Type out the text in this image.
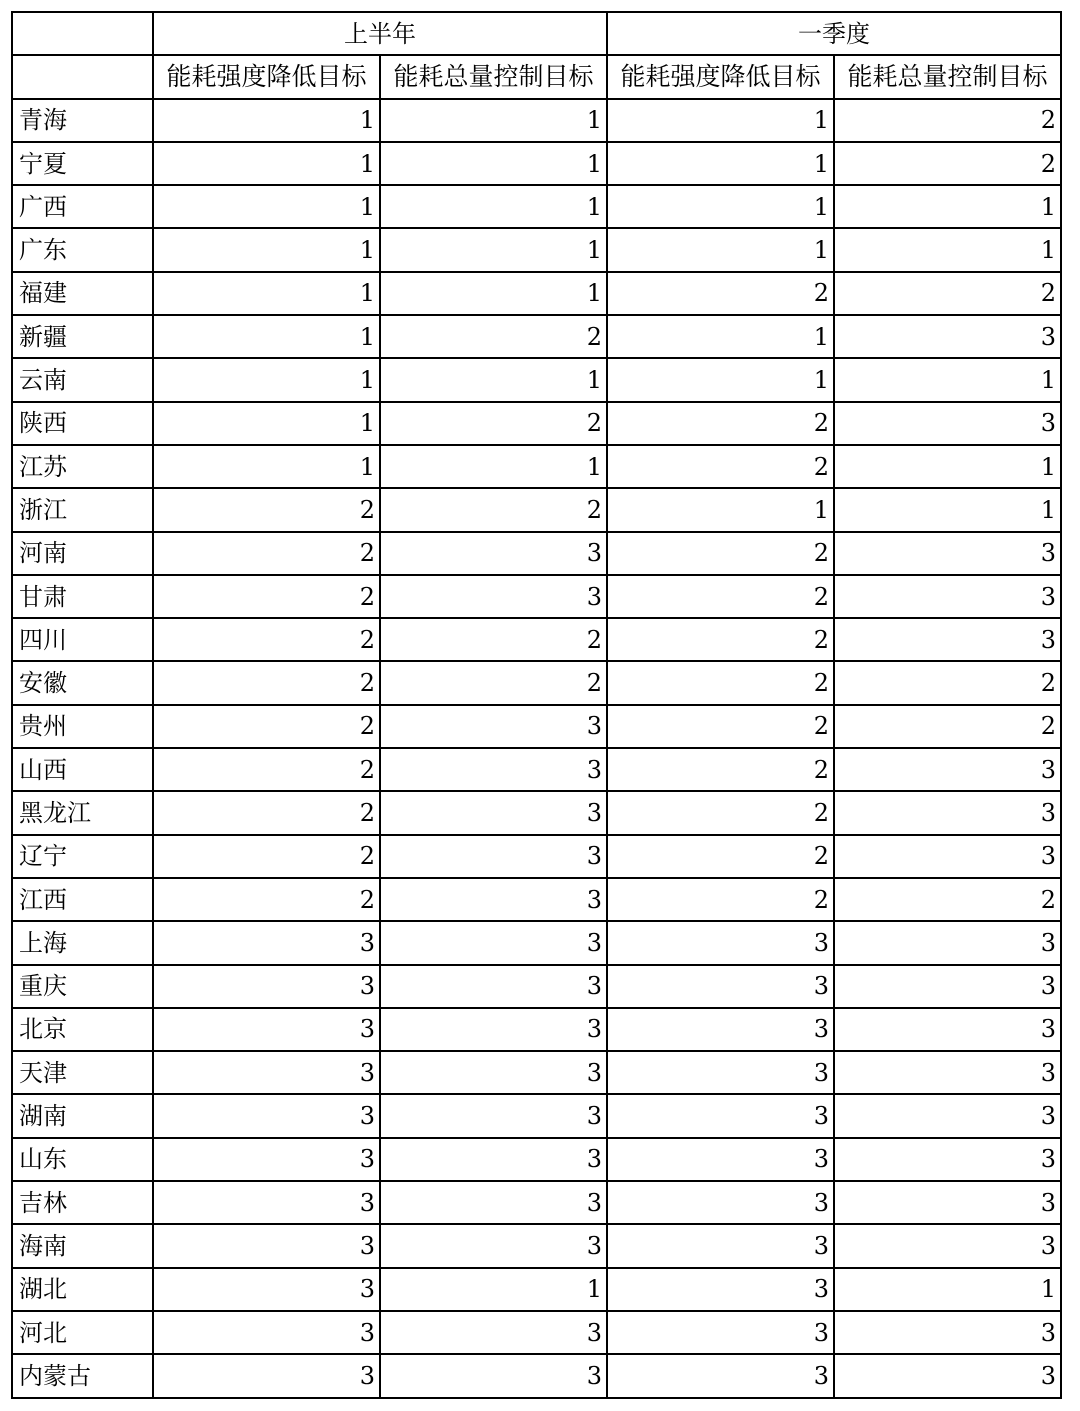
	上半年		一季度	
	能耗强度降低目标	能耗总量控制目标	能耗强度降低目标	能耗总量控制目标
青海	1	1	1	2
宁夏	1	1	1	2
广西	1	1	1	1
广东	1	1	1	1
福建	1	1	2	2
新疆	1	2	1	3
云南	1	1	1	1
陕西	1	2	2	3
江苏	1	1	2	1
浙江	2	2	1	1
河南	2	3	2	3
甘肃	2	3	2	3
四川	2	2	2	3
安徽	2	2	2	2
贵州	2	3	2	2
山西	2	3	2	3
黑龙江	2	3	2	3
辽宁	2	3	2	3
江西	2	3	2	2
上海	3	3	3	3
重庆	3	3	3	3
北京	3	3	3	3
天津	3	3	3	3
湖南	3	3	3	3
山东	3	3	3	3
吉林	3	3	3	3
海南	3	3	3	3
湖北	3	1	3	1
河北	3	3	3	3
内蒙古	3	3	3	3
